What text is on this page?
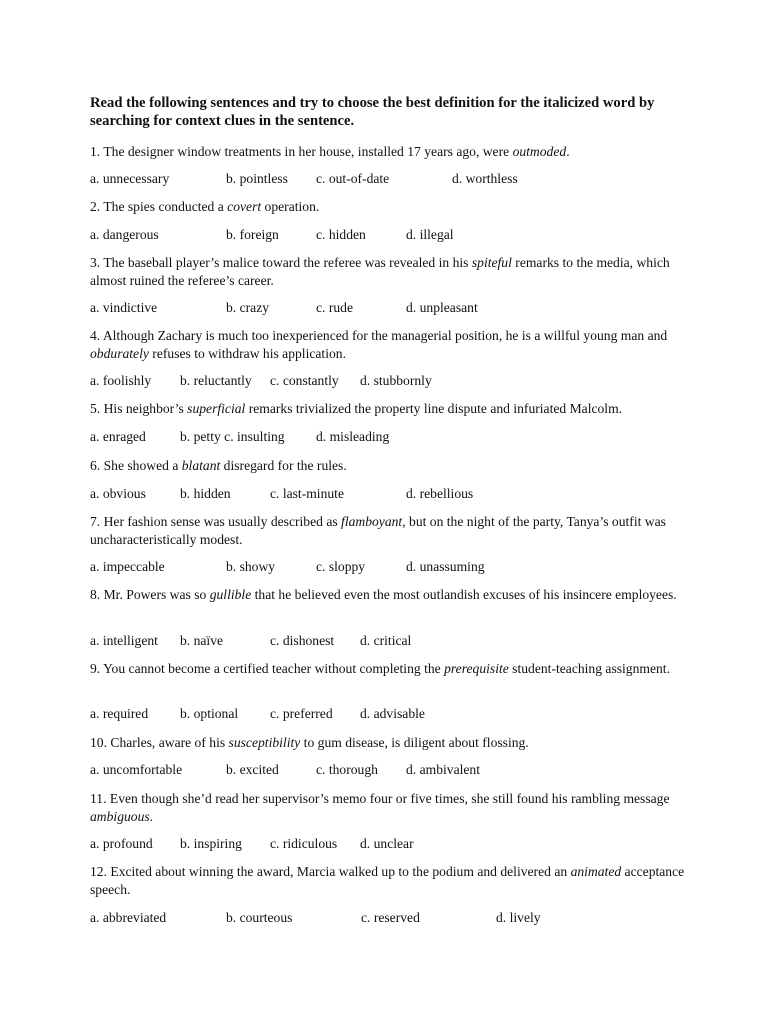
Read the following sentences and try to choose the best definition for the italicized word by searching for context clues in the sentence.
1. The designer window treatments in her house, installed 17 years ago, were outmoded.
a. unnecessary	b. pointless c. out-of-date	d. worthless
2. The spies conducted a covert operation.
a. dangerous	b. foreign	c. hidden	d. illegal
3. The baseball player’s malice toward the referee was revealed in his spiteful remarks to the media, which almost ruined the referee’s career.
a. vindictive	b. crazy	c. rude	d. unpleasant
4. Although Zachary is much too inexperienced for the managerial position, he is a willful young man and obdurately refuses to withdraw his application.
a. foolishly b. reluctantly c. constantly d. stubbornly
5. His neighbor’s superficial remarks trivialized the property line dispute and infuriated Malcolm.
a. enraged	b. petty c. insulting d. misleading
6. She showed a blatant disregard for the rules.
a. obvious	b. hidden	c. last-minute	d. rebellious
7. Her fashion sense was usually described as flamboyant, but on the night of the party, Tanya’s outfit was uncharacteristically modest.
a. impeccable	b. showy	c. sloppy	d. unassuming
8. Mr. Powers was so gullible that he believed even the most outlandish excuses of his insincere employees.
a. intelligent b. naïve	c. dishonest d. critical
9. You cannot become a certified teacher without completing the prerequisite student-teaching assignment.
a. required b. optional c. preferred d. advisable
10. Charles, aware of his susceptibility to gum disease, is diligent about flossing.
a. uncomfortable	b. excited	c. thorough d. ambivalent
11. Even though she’d read her supervisor’s memo four or five times, she still found his rambling message ambiguous.
a. profound b. inspiring c. ridiculous d. unclear
12. Excited about winning the award, Marcia walked up to the podium and delivered an animated acceptance speech.
a. abbreviated	b. courteous	c. reserved	d. lively
